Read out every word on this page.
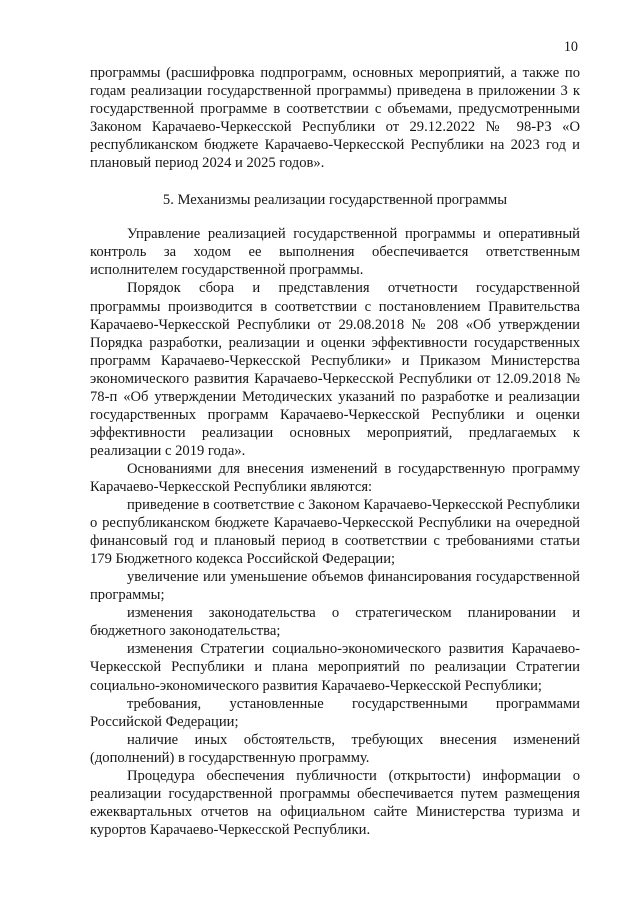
10

программы (расшифровка подпрограмм, основных мероприятий, а также по годам реализации государственной программы) приведена в приложении 3 к государственной программе в соответствии с объемами, предусмотренными Законом Карачаево-Черкесской Республики от 29.12.2022 № 98-РЗ «О республиканском бюджете Карачаево-Черкесской Республики на 2023 год и плановый период 2024 и 2025 годов».

5. Механизмы реализации государственной программы

Управление реализацией государственной программы и оперативный контроль за ходом ее выполнения обеспечивается ответственным исполнителем государственной программы.

Порядок сбора и представления отчетности государственной программы производится в соответствии с постановлением Правительства Карачаево-Черкесской Республики от 29.08.2018 № 208 «Об утверждении Порядка разработки, реализации и оценки эффективности государственных программ Карачаево-Черкесской Республики» и Приказом Министерства экономического развития Карачаево-Черкесской Республики от 12.09.2018 № 78-п «Об утверждении Методических указаний по разработке и реализации государственных программ Карачаево-Черкесской Республики и оценки эффективности реализации основных мероприятий, предлагаемых к реализации с 2019 года».

Основаниями для внесения изменений в государственную программу Карачаево-Черкесской Республики являются:

приведение в соответствие с Законом Карачаево-Черкесской Республики о республиканском бюджете Карачаево-Черкесской Республики на очередной финансовый год и плановый период в соответствии с требованиями статьи 179 Бюджетного кодекса Российской Федерации;

увеличение или уменьшение объемов финансирования государственной программы;

изменения законодательства о стратегическом планировании и бюджетного законодательства;

изменения Стратегии социально-экономического развития Карачаево-Черкесской Республики и плана мероприятий по реализации Стратегии социально-экономического развития Карачаево-Черкесской Республики;

требования, установленные государственными программами Российской Федерации;

наличие иных обстоятельств, требующих внесения изменений (дополнений) в государственную программу.

Процедура обеспечения публичности (открытости) информации о реализации государственной программы обеспечивается путем размещения ежеквартальных отчетов на официальном сайте Министерства туризма и курортов Карачаево-Черкесской Республики.
